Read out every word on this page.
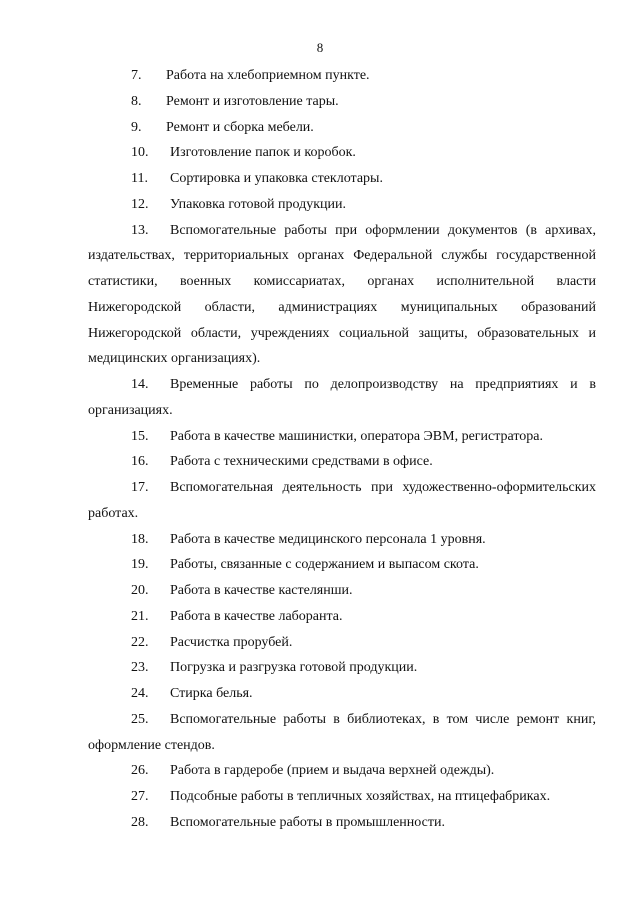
8
7.	Работа на хлебоприемном пункте.
8.	Ремонт и изготовление тары.
9.	Ремонт и сборка мебели.
10.	Изготовление папок и коробок.
11.	Сортировка и упаковка стеклотары.
12.	Упаковка готовой продукции.
13.	Вспомогательные работы при оформлении документов (в архивах, издательствах, территориальных органах Федеральной службы государственной статистики, военных комиссариатах, органах исполнительной власти Нижегородской области, администрациях муниципальных образований Нижегородской области, учреждениях социальной защиты, образовательных и медицинских организациях).
14.	Временные работы по делопроизводству на предприятиях и в организациях.
15.	Работа в качестве машинистки, оператора ЭВМ, регистратора.
16.	Работа с техническими средствами в офисе.
17.	Вспомогательная деятельность при художественно-оформительских работах.
18.	Работа в качестве медицинского персонала 1 уровня.
19.	Работы, связанные с содержанием и выпасом скота.
20.	Работа в качестве кастелянши.
21.	Работа в качестве лаборанта.
22.	Расчистка прорубей.
23.	Погрузка и разгрузка готовой продукции.
24.	Стирка белья.
25.	Вспомогательные работы в библиотеках, в том числе ремонт книг, оформление стендов.
26.	Работа в гардеробе (прием и выдача верхней одежды).
27.	Подсобные работы в тепличных хозяйствах, на птицефабриках.
28.	Вспомогательные работы в промышленности.
